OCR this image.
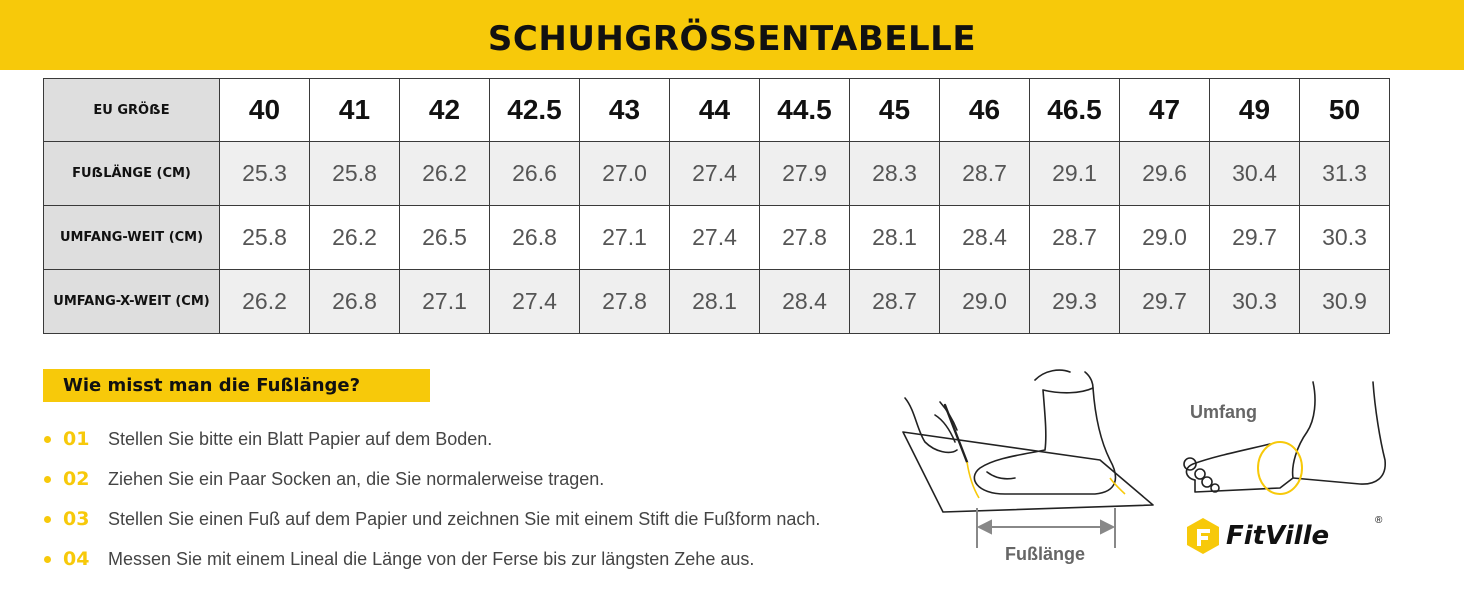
SCHUHGRÖSSENTABELLE
EU GRÖẞE	40	41	42	42.5	43	44	44.5	45	46	46.5	47	49	50
FUẞLÄNGE (CM)	25.3	25.8	26.2	26.6	27.0	27.4	27.9	28.3	28.7	29.1	29.6	30.4	31.3
UMFANG-WEIT (CM)	25.8	26.2	26.5	26.8	27.1	27.4	27.8	28.1	28.4	28.7	29.0	29.7	30.3
UMFANG-X-WEIT (CM)	26.2	26.8	27.1	27.4	27.8	28.1	28.4	28.7	29.0	29.3	29.7	30.3	30.9
Wie misst man die Fußlänge?
01	Stellen Sie bitte ein Blatt Papier auf dem Boden.
02	Ziehen Sie ein Paar Socken an, die Sie normalerweise tragen.
03	Stellen Sie einen Fuß auf dem Papier und zeichnen Sie mit einem Stift die Fußform nach.
04	Messen Sie mit einem Lineal die Länge von der Ferse bis zur längsten Zehe aus.
Umfang
Fußlänge
FitVille
®
